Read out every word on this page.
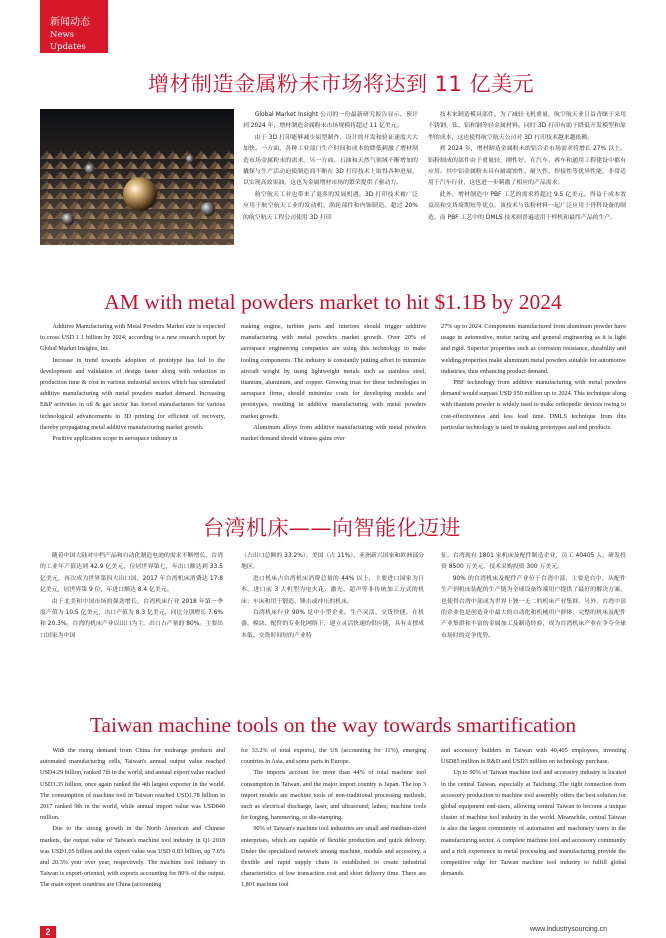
新闻动态
News Updates
增材制造金属粉末市场将达到 11 亿美元

Global Market Insight 公司的一份最新研究报告显示，预计到 2024 年，增材制造金属粉末市场规模将超过 11 亿美元。

由于 3D 打印能够减少原型制作，设计的开发和验证速度大大加快。一方面，各种工业部门生产时间和成本的降低刺激了增材制造市场金属粉末的需求。另一方面，石油和天然气领域不断增加的撬探与生产活动迫使制造商不断在 3D 打印技术上取得各种进展，以实现高效果油，这也为金属增材市场的繁荣提供了驱动力。

航空航天工业也带来了更多的发展机遇。3D 打印技术被广泛应用于航空航天工业的发动机、涡轮部件和内饰制造。超过 20% 的航空航天工程公司使用 3D 打印

技术来制造模具部件。为了减轻飞机重量，航空航天业日益青睐于采用不锈钢、钛、铝和钢等轻金属材料。同时 3D 打印有助于降低开发模型和原型的成本，这也使得航空航天公司对 3D 打印技术越来越依赖。

到 2024 年，增材制造金属粉末的铝合金市场需求将增长 27% 以上。铝粉制成的部件由于重量轻，刚性好，在汽车、赛车和通用工程建设中都有应用。其中铝金属粉末具有耐腐蚀性、耐久性、焊接性等优异性能，非常适用于汽车行业，这也进一步刺激了相应的产品需求。

此外，增材制造中 PBF 工艺的需求将超过 9.5 亿美元。得益于成本效益高和交货周期短等优点，该技术与钛粉材料一起广泛应用于骨科设备的制造。而 PBF 工艺中的 DMLS 技术则普遍适用于样机和最终产品的生产。

AM with metal powders market to hit $1.1B by 2024

Additive Manufacturing with Metal Powders Market size is expected to cross USD 1.1 billion by 2024; according to a new research report by Global Market Insights, Inc.

Increase in trend towards adoption of prototype has led to the development and validation of design faster along with reduction in production time & cost in various industrial sectors which has stimulated additive manufacturing with metal powders market demand. Increasing E&P activities in oil & gas sector has forced manufacturers for various technological advancements in 3D printing for efficient oil recovery, thereby propagating metal additive manufacturing market growth.

Positive application scope in aerospace industry in

making engine, turbine parts and interiors should trigger additive manufacturing with metal powders market growth. Over 20% of aerospace engineering companies are using this technology to make tooling components. The industry is constantly putting effort to minimize aircraft weight by using lightweight metals such as stainless steel, titanium, aluminum, and copper. Growing trust for these technologies in aerospace firms, should minimize costs for developing models and prototypes, resulting in additive manufacturing with metal powders market growth.

Aluminum alloys from additive manufacturing with metal powders market demand should witness gains over

27% up to 2024. Components manufactured from aluminum powder have usage in automotive, motor racing and general engineering as it is light and rigid. Superior properties such as corrosion resistance, durability and welding properties make aluminum metal powders suitable for automotive industries, thus enhancing product demand.

PBF technology from additive manufacturing with metal powders demand would surpass USD 950 million up to 2024. This technique along with titanium powder is widely used to make orthopedic devices owing to cost-effectiveness and less lead time. DMLS technique from this particular technology is used in making prototypes and end products.

台湾机床——向智能化迈进

随着中国大陆对中档产品和自动化制造电池的需求不断增长，台湾的工业年产值达到 42.9 亿美元，位居世界第七，年出口额达到 33.5 亿美元，再次成为世界第四大出口国。2017 年台湾机床消费达 17.8 亿美元，居世界第 9 位，年进口额达 8.4 亿美元。

由于北美和中国市场的强劲增长，台湾机床行业 2018 年第一季度产值为 10.5 亿美元，出口产值为 8.3 亿美元，同比分别增长 7.6% 和 20.3%。台湾的机床产业以出口为主，出口占产量的 80%。主要出口国家为中国

（占出口总额的 33.2%）、美国（占 11%）、亚洲新兴国家和欧洲部分地区。

进口机床占台湾机床消费总量的 44% 以上，主要进口国家为日本。进口前 3 大机型为电火花、激光、超声等非传统加工方式的机床；车床和用于锻造、锤击或冲压的机床。

台湾机床行业 90% 是中小型企业。生产灵活，交货快捷。在机器、模块、配件的专业化网络下，建立灵活快速的供应链，具有支撑成本低、交货时间短的产业特

征。台湾现有 1801 家机床及配件制造企业，员工 40405 人，研发投资 8500 万美元，技术采购投资 300 万美元。

90% 的台湾机床及配件产业位于台湾中部，主要是台中，从配件生产到机床装配的生产链为全球设备终端用户提供了最好的解决方案，也使得台湾中部成为世界上独一无二的机床产业集群。另外，台湾中部的企业也是创造业中最大的自动化和机械用户群体，完整的机床及配件产业集群和丰富的金属加工及制造经验，成为台湾机床产业在争夺全球市场时的竞争优势。

Taiwan machine tools on the way towards smartification

With the rising demand from China for midrange products and automated manufacturing cells, Taiwan's annual output value reached USD4.29 billion, ranked 7th in the world, and annual export value reached USD3.35 billion, once again ranked the 4th largest exporter in the world. The consumption of machine tool in Taiwan reached USD1.78 billion in 2017 ranked 9th in the world, while annual import value was USD840 million.

Due to the strong growth in the North American and Chinese markets, the output value of Taiwan's machine tool industry in Q1 2018 was USD1.05 billion and the export value was USD 0.83 billion, up 7.6% and 20.3% year over year, respectively. The machine tool industry in Taiwan is export-oriented, with exports accounting for 80% of the output. The main export countries are China (accounting

for 33.2% of total exports), the US (accounting for 11%), emerging countries in Asia, and some parts in Europe.

The imports account for more than 44% of total machine tool consumption in Taiwan, and the major import country is Japan. The top 3 import models are machine tools of non-traditional processing methods, such as electrical discharge, laser, and ultrasound; lathes; machine tools for forging, hammering, or die-stamping.

90% of Taiwan's machine tool industries are small and medium-sized enterprises, which are capable of flexible production and quick delivery. Under the specialized network among machine, module and accessory, a flexible and rapid supply chain is established to create industrial characteristics of low transaction cost and short delivery time. There are 1,801 machine tool

and accessory builders in Taiwan with 40,405 employees, investing USD85 million in R&D and USD3 million on technology purchase.

Up to 90% of Taiwan machine tool and accessory industry is located in the central Taiwan, especially at Taichung. The tight connection from accessory production to machine tool assembly offers the best solution for global equipment end-users, allowing central Taiwan to become a unique cluster of machine tool industry in the world. Meanwhile, central Taiwan is also the largest community of automation and machinery users in the manufacturing sector. A complete machine tool and accessory community and a rich experience in metal processing and manufacturing provide the competitive edge for Taiwan machine tool industry to fulfill global demands.

2	www.industrysourcing.cn
